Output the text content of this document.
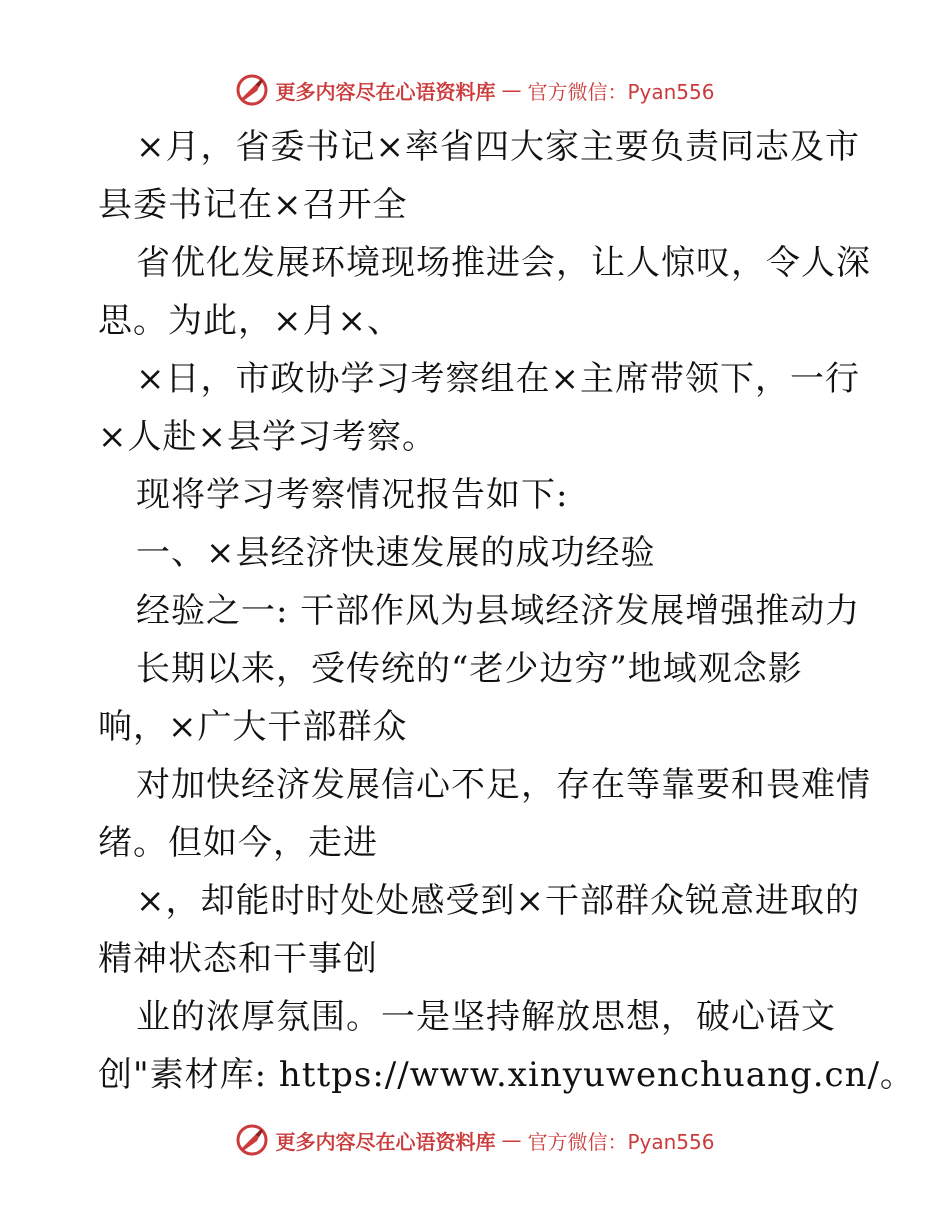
更多内容尽在心语资料库 — 官方微信：Pyan556
×月，省委书记×率省四大家主要负责同志及市
县委书记在×召开全
省优化发展环境现场推进会，让人惊叹，令人深
思。为此，×月×、
×日，市政协学习考察组在×主席带领下，一行
×人赴×县学习考察。
现将学习考察情况报告如下:
一、×县经济快速发展的成功经验
经验之一: 干部作风为县域经济发展增强推动力
长期以来，受传统的“老少边穷”地域观念影
响，×广大干部群众
对加快经济发展信心不足，存在等靠要和畏难情
绪。但如今，走进
×，却能时时处处感受到×干部群众锐意进取的
精神状态和干事创
业的浓厚氛围。一是坚持解放思想，破心语文
创"素材库: https://www.xinyuwenchuang.cn/。
更多内容尽在心语资料库 — 官方微信：Pyan556
